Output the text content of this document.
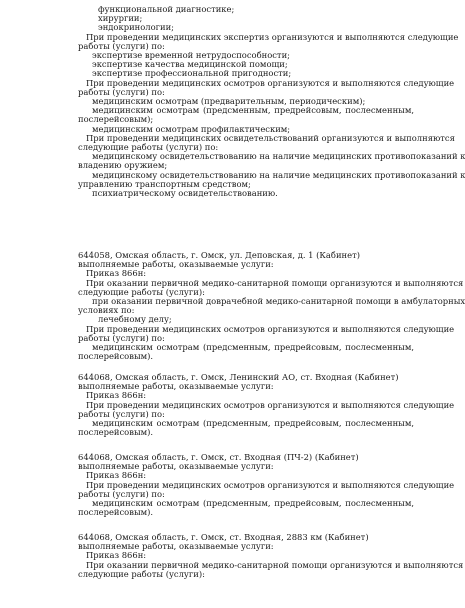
функциональной диагностике;
хирургии;
эндокринологии;
При проведении медицинских экспертиз организуются и выполняются следующие
работы (услуги) по:
экспертизе временной нетрудоспособности;
экспертизе качества медицинской помощи;
экспертизе профессиональной пригодности;
При проведении медицинских осмотров организуются и выполняются следующие
работы (услуги) по:
медицинским осмотрам (предварительным, периодическим);
медицинским осмотрам (предсменным, предрейсовым, послесменным,
послерейсовым);
медицинским осмотрам профилактическим;
При проведении медицинских освидетельствований организуются и выполняются
следующие работы (услуги) по:
медицинскому освидетельствованию на наличие медицинских противопоказаний к
владению оружием;
медицинскому освидетельствованию на наличие медицинских противопоказаний к
управлению транспортным средством;
психиатрическому освидетельствованию.
644058, Омская область, г. Омск, ул. Деповская, д. 1 (Кабинет)
выполняемые работы, оказываемые услуги:
Приказ 866н:
При оказании первичной медико-санитарной помощи организуются и выполняются
следующие работы (услуги):
при оказании первичной доврачебной медико-санитарной помощи в амбулаторных
условиях по:
лечебному делу;
При проведении медицинских осмотров организуются и выполняются следующие
работы (услуги) по:
медицинским осмотрам (предсменным, предрейсовым, послесменным,
послерейсовым).
644068, Омская область, г. Омск, Ленинский АО, ст. Входная (Кабинет)
выполняемые работы, оказываемые услуги:
Приказ 866н:
При проведении медицинских осмотров организуются и выполняются следующие
работы (услуги) по:
медицинским осмотрам (предсменным, предрейсовым, послесменным,
послерейсовым).
644068, Омская область, г. Омск, ст. Входная (ПЧ-2) (Кабинет)
выполняемые работы, оказываемые услуги:
Приказ 866н:
При проведении медицинских осмотров организуются и выполняются следующие
работы (услуги) по:
медицинским осмотрам (предсменным, предрейсовым, послесменным,
послерейсовым).
644068, Омская область, г. Омск, ст. Входная, 2883 км (Кабинет)
выполняемые работы, оказываемые услуги:
Приказ 866н:
При оказании первичной медико-санитарной помощи организуются и выполняются
следующие работы (услуги):
